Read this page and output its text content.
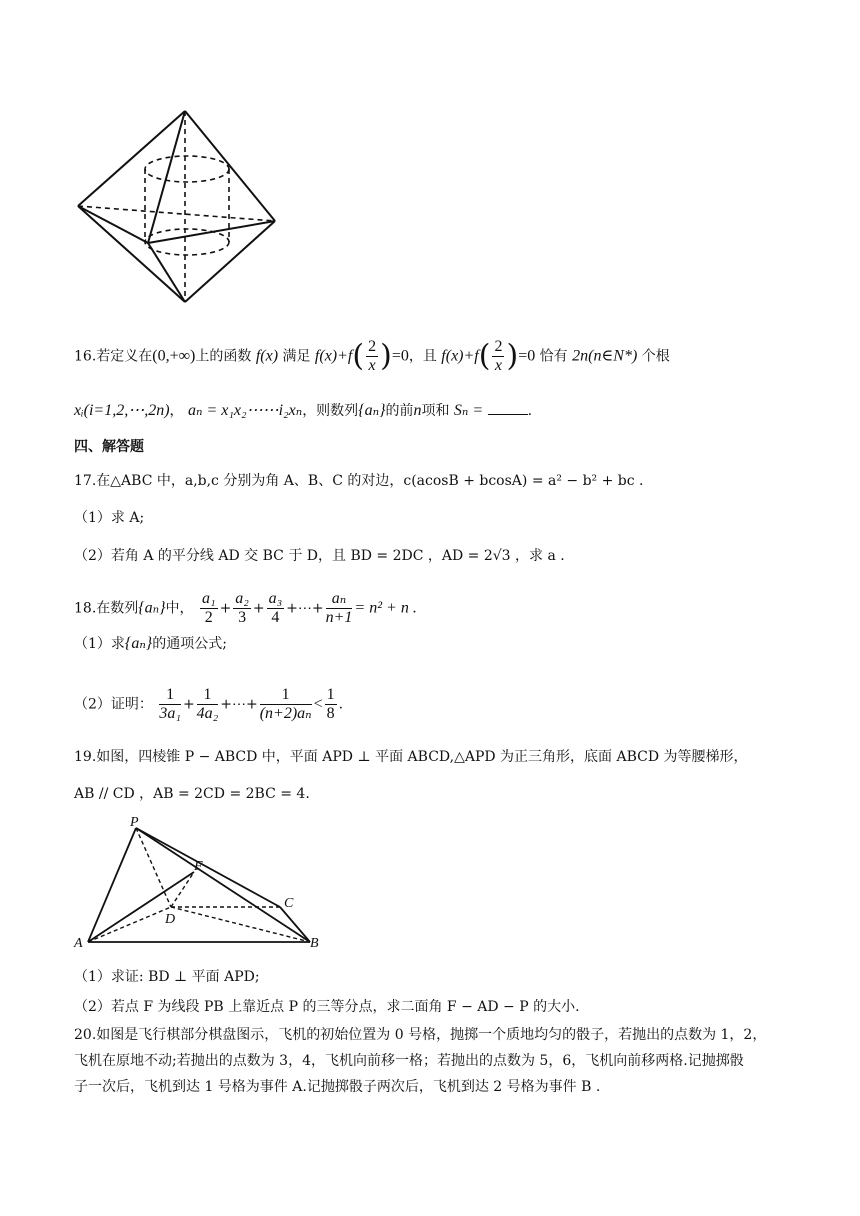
16.若定义在(0,+∞)上的函数 f(x) 满足 $f(x)+f( \frac{2}{x} )=0$，且 $f(x)+f( \frac{2}{x} )=0$ 恰有 2n(n∈N*) 个根
xᵢ(i=1,2,⋯,2n)， aₙ = x₁x₂⋯⋯i₂xₙ，则数列{aₙ}的前n项和 Sₙ =	.
四、解答题
17.在△ABC 中，a,b,c 分别为角 A、B、C 的对边，c(acosB + bcosA) = a² − b² + bc .
（1）求 A;
（2）若角 A 的平分线 AD 交 BC 于 D，且 BD = 2DC ，AD = 2√3 ，求 a .
18.在数列{aₙ}中， $\frac{\text{a₁}}{2} + \frac{\text{a₂}}{3} + \frac{\text{a₃}}{4}$ +⋯+ $\frac{\text{aₙ}}{n+1} = n^2 + n$ .
（1）求{aₙ}的通项公式;
（2）证明： $\frac{1}{\text{3a₁}} + \frac{1}{\text{4a₂}}$ +⋯+ $\frac{1}{\text{(n+2)aₙ}} < \frac{1}{8}$ .
19.如图，四棱锥 P − ABCD 中，平面 APD ⊥ 平面 ABCD,△APD 为正三角形，底面 ABCD 为等腰梯形，
AB // CD ，AB = 2CD = 2BC = 4.
P
F
C
D
A	B
（1）求证: BD ⊥ 平面 APD;
（2）若点 F 为线段 PB 上靠近点 P 的三等分点，求二面角 F − AD − P 的大小.
20.如图是飞行棋部分棋盘图示，飞机的初始位置为 0 号格，抛掷一个质地均匀的骰子，若抛出的点数为 1，2，
飞机在原地不动;若抛出的点数为 3，4，飞机向前移一格；若抛出的点数为 5，6，飞机向前移两格.记抛掷骰
子一次后，飞机到达 1 号格为事件 A.记抛掷骰子两次后，飞机到达 2 号格为事件 B .
